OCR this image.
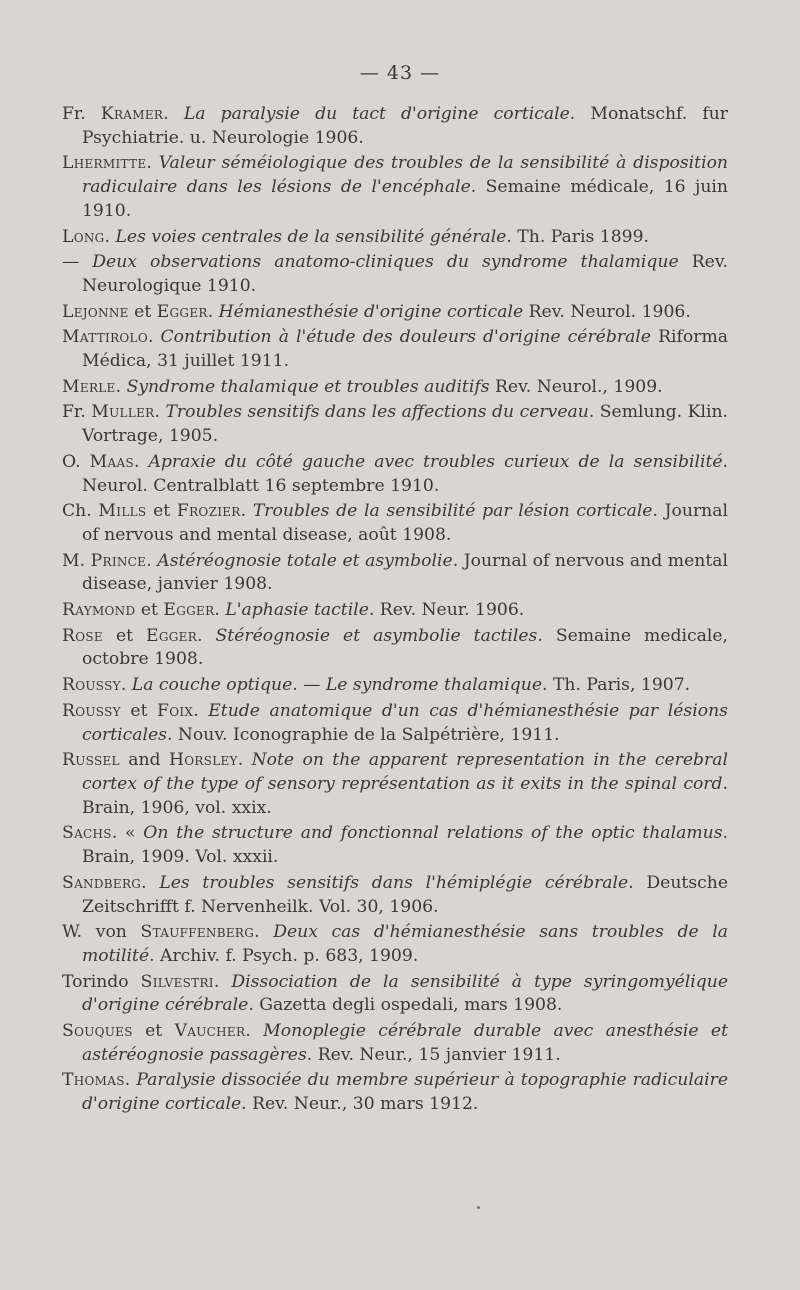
— 43 —

Fr. Kramer. La paralysie du tact d'origine corticale. Monatschf. fur Psychiatrie. u. Neurologie 1906.

Lhermitte. Valeur séméiologique des troubles de la sensibilité à disposition radiculaire dans les lésions de l'encéphale. Semaine médicale, 16 juin 1910.

Long. Les voies centrales de la sensibilité générale. Th. Paris 1899.

— Deux observations anatomo-cliniques du syndrome thalamique Rev. Neurologique 1910.

Lejonne et Egger. Hémianesthésie d'origine corticale Rev. Neurol. 1906.

Mattirolo. Contribution à l'étude des douleurs d'origine cérébrale Riforma Médica, 31 juillet 1911.

Merle. Syndrome thalamique et troubles auditifs Rev. Neurol., 1909.

Fr. Muller. Troubles sensitifs dans les affections du cerveau. Semlung. Klin. Vortrage, 1905.

O. Maas. Apraxie du côté gauche avec troubles curieux de la sensibilité. Neurol. Centralblatt 16 septembre 1910.

Ch. Mills et Frozier. Troubles de la sensibilité par lésion corticale. Journal of nervous and mental disease, août 1908.

M. Prince. Astéréognosie totale et asymbolie. Journal of nervous and mental disease, janvier 1908.

Raymond et Egger. L'aphasie tactile. Rev. Neur. 1906.

Rose et Egger. Stéréognosie et asymbolie tactiles. Semaine medicale, octobre 1908.

Roussy. La couche optique. — Le syndrome thalamique. Th. Paris, 1907.

Roussy et Foix. Etude anatomique d'un cas d'hémianesthésie par lésions corticales. Nouv. Iconographie de la Salpétrière, 1911.

Russel and Horsley. Note on the apparent representation in the cerebral cortex of the type of sensory représentation as it exits in the spinal cord. Brain, 1906, vol. xxix.

Sachs. « On the structure and fonctionnal relations of the optic thalamus. Brain, 1909. Vol. xxxii.

Sandberg. Les troubles sensitifs dans l'hémiplégie cérébrale. Deutsche Zeitschrifft f. Nervenheilk. Vol. 30, 1906.

W. von Stauffenberg. Deux cas d'hémianesthésie sans troubles de la motilité. Archiv. f. Psych. p. 683, 1909.

Torindo Silvestri. Dissociation de la sensibilité à type syringomyélique d'origine cérébrale. Gazetta degli ospedali, mars 1908.

Souques et Vaucher. Monoplegie cérébrale durable avec anesthésie et astéréognosie passagères. Rev. Neur., 15 janvier 1911.

Thomas. Paralysie dissociée du membre supérieur à topographie radiculaire d'origine corticale. Rev. Neur., 30 mars 1912.
